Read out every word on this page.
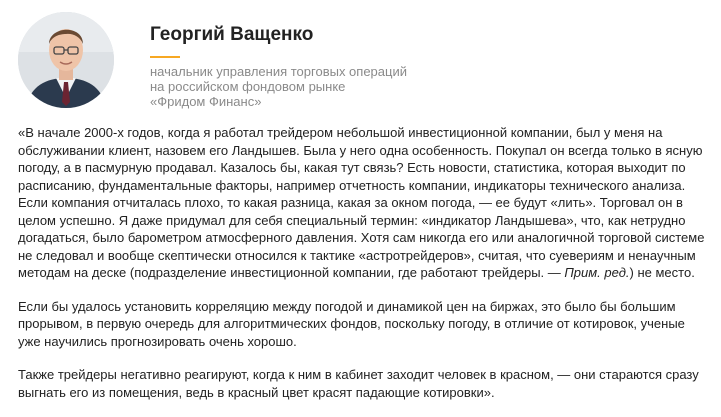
Георгий Ващенко
начальник управления торговых операций
на российском фондовом рынке
«Фридом Финанс»

«В начале 2000-х годов, когда я работал трейдером небольшой инвестиционной компании, был у меня на обслуживании клиент, назовем его Ландышев. Была у него одна особенность. Покупал он всегда только в ясную погоду, а в пасмурную продавал. Казалось бы, какая тут связь? Есть новости, статистика, которая выходит по расписанию, фундаментальные факторы, например отчетность компании, индикаторы технического анализа. Если компания отчиталась плохо, то какая разница, какая за окном погода, — ее будут «лить». Торговал он в целом успешно. Я даже придумал для себя специальный термин: «индикатор Ландышева», что, как нетрудно догадаться, было барометром атмосферного давления. Хотя сам никогда его или аналогичной торговой системе не следовал и вообще скептически относился к тактике «астротрейдеров», считая, что суевериям и ненаучным методам на деске (подразделение инвестиционной компании, где работают трейдеры. — Прим. ред.) не место.

Если бы удалось установить корреляцию между погодой и динамикой цен на биржах, это было бы большим прорывом, в первую очередь для алгоритмических фондов, поскольку погоду, в отличие от котировок, ученые уже научились прогнозировать очень хорошо.

Также трейдеры негативно реагируют, когда к ним в кабинет заходит человек в красном, — они стараются сразу выгнать его из помещения, ведь в красный цвет красят падающие котировки».
